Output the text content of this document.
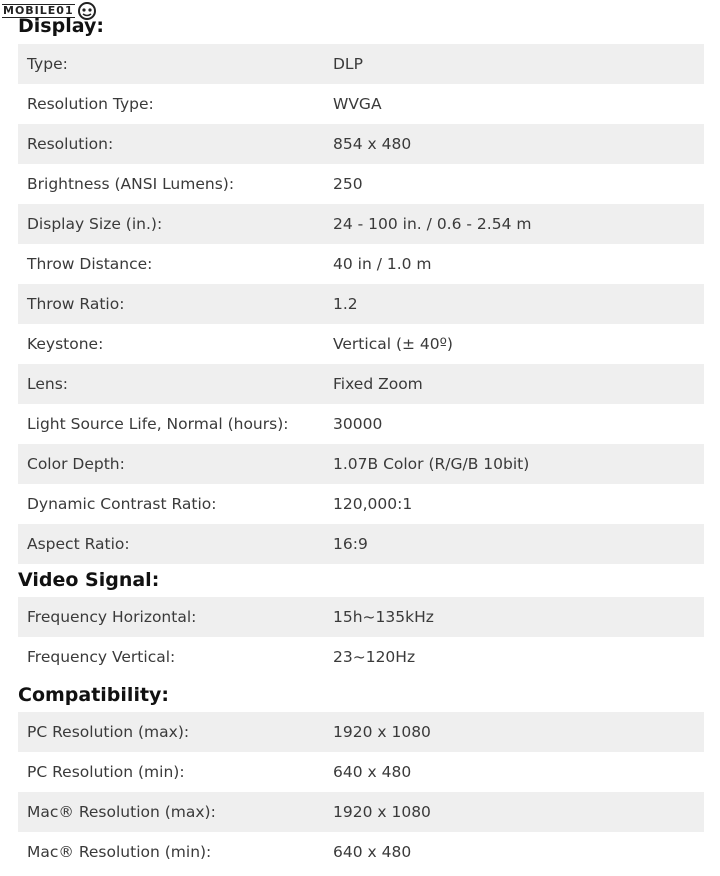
MOBILE01
Display:
Type:	DLP
Resolution Type:	WVGA
Resolution:	854 x 480
Brightness (ANSI Lumens):	250
Display Size (in.):	24 - 100 in. / 0.6 - 2.54 m
Throw Distance:	40 in / 1.0 m
Throw Ratio:	1.2
Keystone:	Vertical (± 40º)
Lens:	Fixed Zoom
Light Source Life, Normal (hours):	30000
Color Depth:	1.07B Color (R/G/B 10bit)
Dynamic Contrast Ratio:	120,000:1
Aspect Ratio:	16:9
Video Signal:
Frequency Horizontal:	15h~135kHz
Frequency Vertical:	23~120Hz
Compatibility:
PC Resolution (max):	1920 x 1080
PC Resolution (min):	640 x 480
Mac® Resolution (max):	1920 x 1080
Mac® Resolution (min):	640 x 480
